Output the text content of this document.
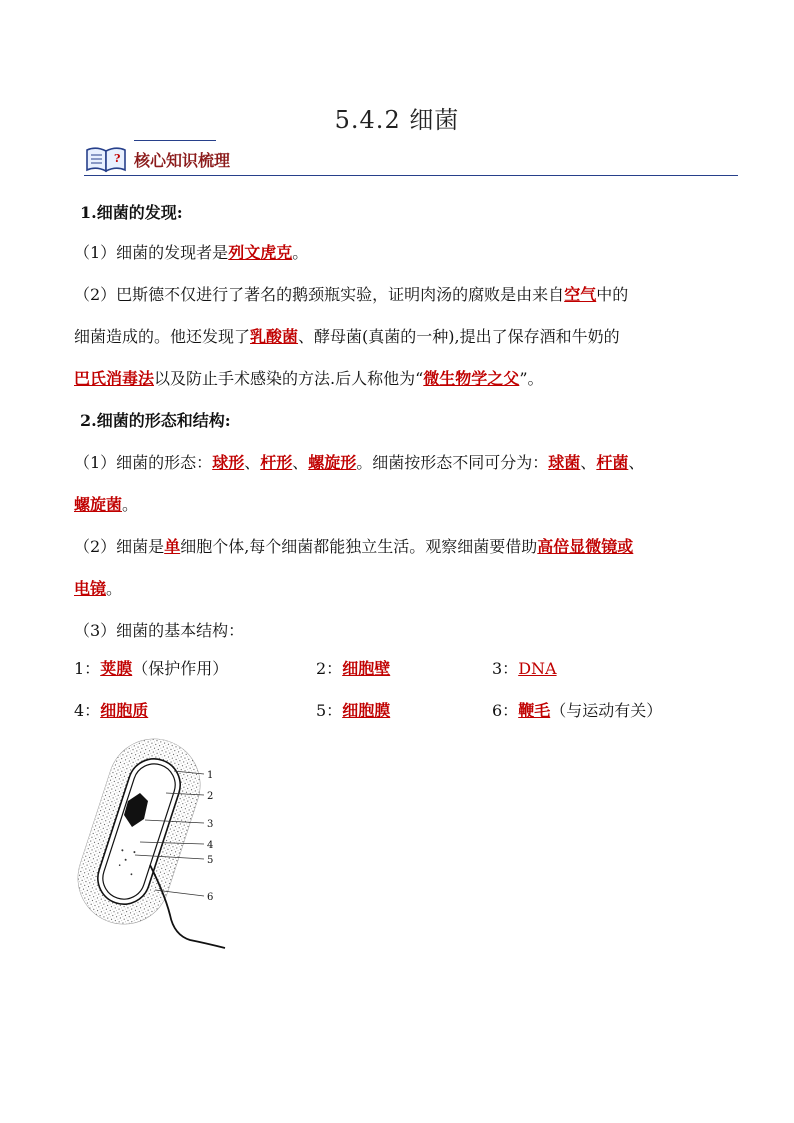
5.4.2 细菌
? 核心知识梳理
1.细菌的发现:
（1）细菌的发现者是列文虎克。
（2）巴斯德不仅进行了著名的鹅颈瓶实验，证明肉汤的腐败是由来自空气中的
细菌造成的。他还发现了乳酸菌、酵母菌(真菌的一种),提出了保存酒和牛奶的
巴氏消毒法以及防止手术感染的方法.后人称他为“微生物学之父”。
2.细菌的形态和结构:
（1）细菌的形态：球形、杆形、螺旋形。细菌按形态不同可分为：球菌、杆菌、
螺旋菌。
（2）细菌是单细胞个体,每个细菌都能独立生活。观察细菌要借助高倍显微镜或
电镜。
（3）细菌的基本结构：
1：荚膜（保护作用）	2：细胞壁	3：DNA
4：细胞质	5：细胞膜	6：鞭毛（与运动有关）
1
2
3
4
5
6
